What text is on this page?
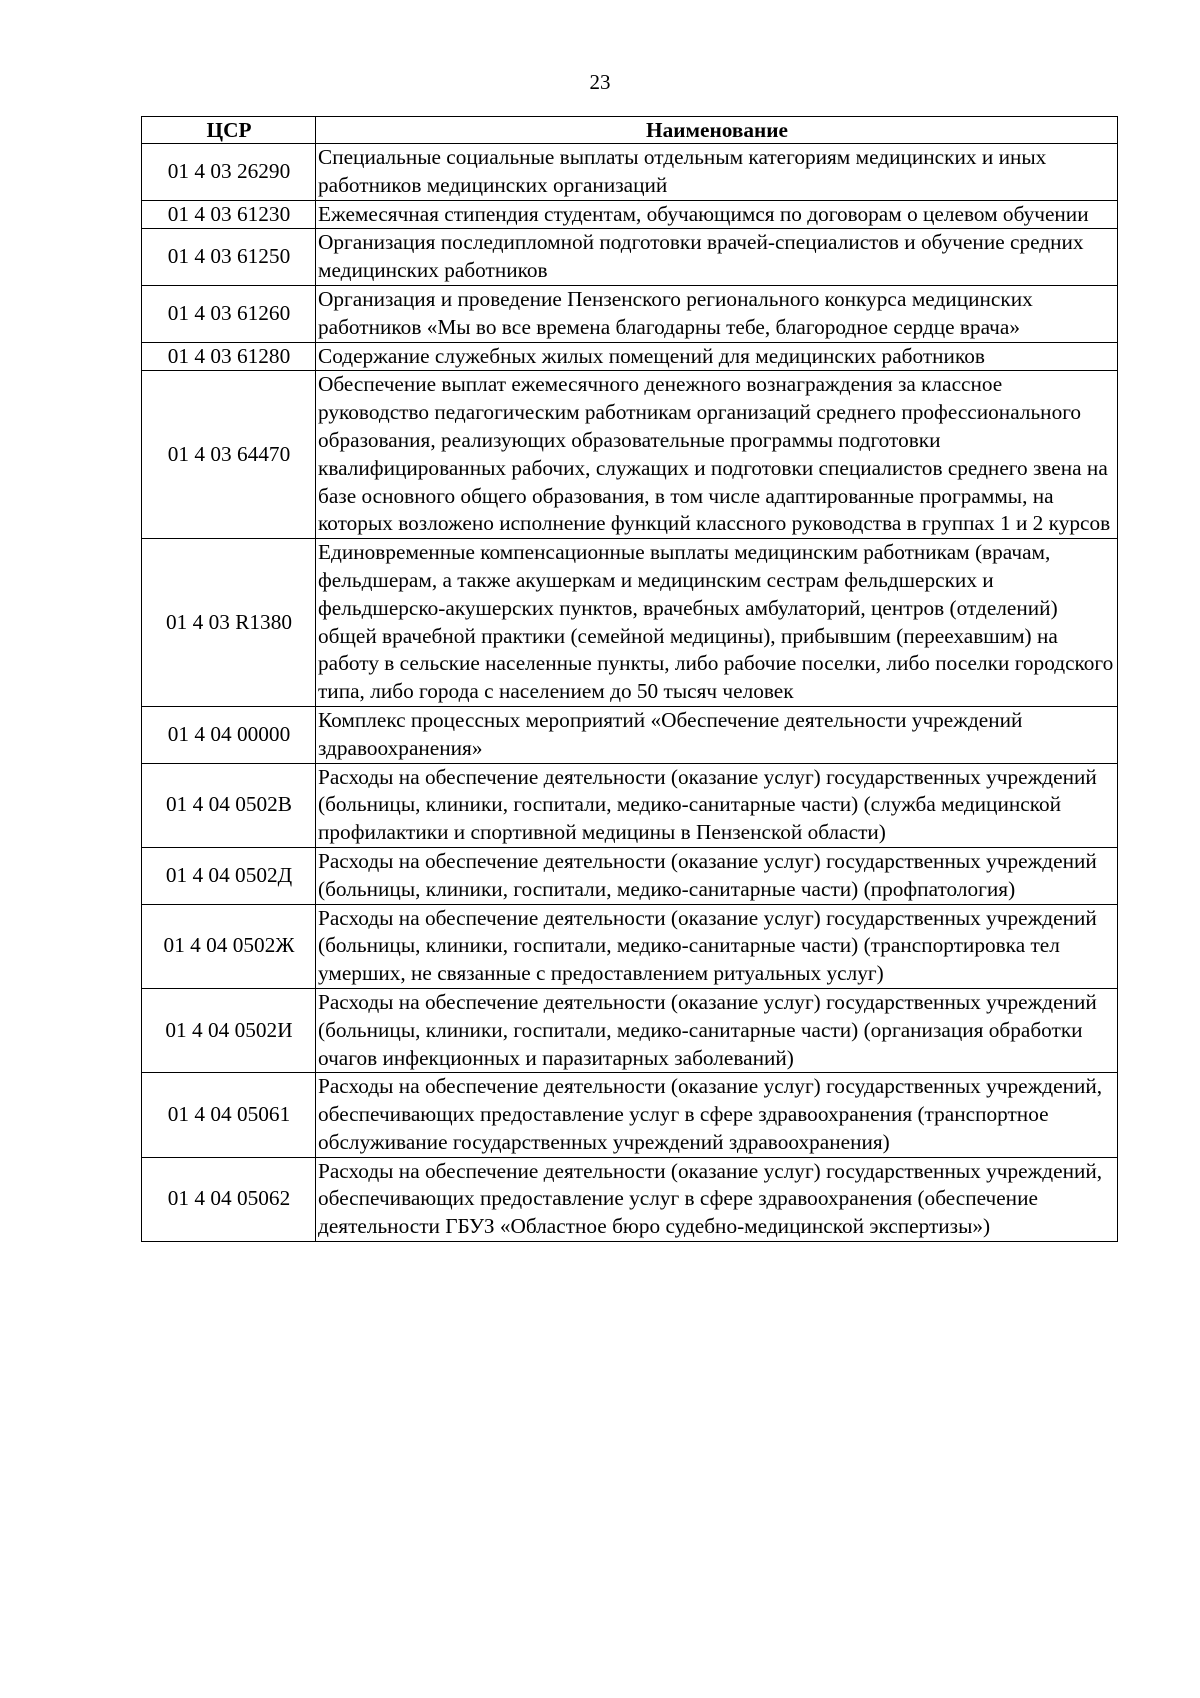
23
ЦСР	Наименование
01 4 03 26290	Специальные социальные выплаты отдельным категориям медицинских и иных работников медицинских организаций
01 4 03 61230	Ежемесячная стипендия студентам, обучающимся по договорам о целевом обучении
01 4 03 61250	Организация последипломной подготовки врачей-специалистов и обучение средних медицинских работников
01 4 03 61260	Организация и проведение Пензенского регионального конкурса медицинских работников «Мы во все времена благодарны тебе, благородное сердце врача»
01 4 03 61280	Содержание служебных жилых помещений для медицинских работников
01 4 03 64470	Обеспечение выплат ежемесячного денежного вознаграждения за классное руководство педагогическим работникам организаций среднего профессионального образования, реализующих образовательные программы подготовки квалифицированных рабочих, служащих и подготовки специалистов среднего звена на базе основного общего образования, в том числе адаптированные программы, на которых возложено исполнение функций классного руководства в группах 1 и 2 курсов
01 4 03 R1380	Единовременные компенсационные выплаты медицинским работникам (врачам, фельдшерам, а также акушеркам и медицинским сестрам фельдшерских и фельдшерско-акушерских пунктов, врачебных амбулаторий, центров (отделений) общей врачебной практики (семейной медицины), прибывшим (переехавшим) на работу в сельские населенные пункты, либо рабочие поселки, либо поселки городского типа, либо города с населением до 50 тысяч человек
01 4 04 00000	Комплекс процессных мероприятий «Обеспечение деятельности учреждений здравоохранения»
01 4 04 0502В	Расходы на обеспечение деятельности (оказание услуг) государственных учреждений (больницы, клиники, госпитали, медико-санитарные части) (служба медицинской профилактики и спортивной медицины в Пензенской области)
01 4 04 0502Д	Расходы на обеспечение деятельности (оказание услуг) государственных учреждений (больницы, клиники, госпитали, медико-санитарные части) (профпатология)
01 4 04 0502Ж	Расходы на обеспечение деятельности (оказание услуг) государственных учреждений (больницы, клиники, госпитали, медико-санитарные части) (транспортировка тел умерших, не связанные с предоставлением ритуальных услуг)
01 4 04 0502И	Расходы на обеспечение деятельности (оказание услуг) государственных учреждений (больницы, клиники, госпитали, медико-санитарные части) (организация обработки очагов инфекционных и паразитарных заболеваний)
01 4 04 05061	Расходы на обеспечение деятельности (оказание услуг) государственных учреждений, обеспечивающих предоставление услуг в сфере здравоохранения (транспортное обслуживание государственных учреждений здравоохранения)
01 4 04 05062	Расходы на обеспечение деятельности (оказание услуг) государственных учреждений, обеспечивающих предоставление услуг в сфере здравоохранения (обеспечение деятельности ГБУЗ «Областное бюро судебно-медицинской экспертизы»)
